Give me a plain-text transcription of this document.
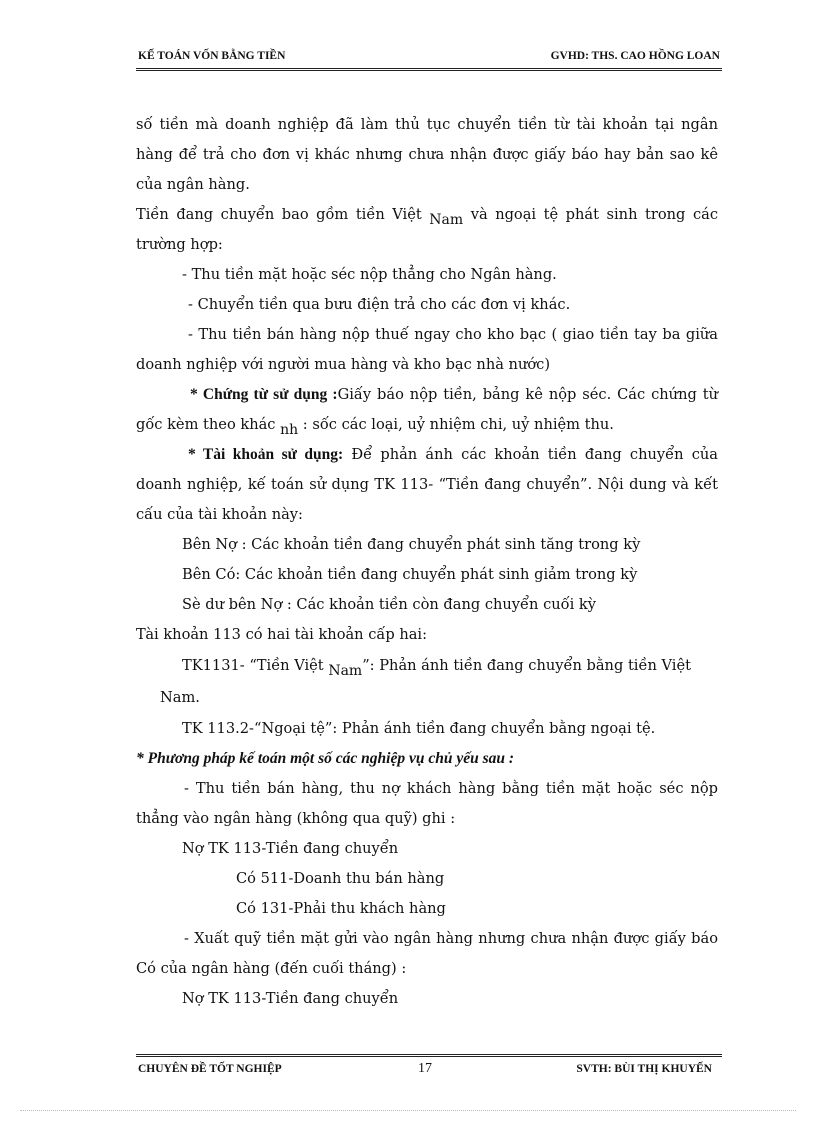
KẾ TOÁN VỐN BẰNG TIỀN	GVHD: THS. CAO HỒNG LOAN

số tiền mà doanh nghiệp đã làm thủ tục chuyển tiền từ tài khoản tại ngân hàng để trả cho đơn vị khác nhưng chưa nhận được giấy báo hay bản sao kê của ngân hàng.

Tiền đang chuyển bao gồm tiền Việt Nam và ngoại tệ phát sinh trong các trường hợp:

- Thu tiền mặt hoặc séc nộp thẳng cho Ngân hàng.

- Chuyển tiền qua bưu điện trả cho các đơn vị khác.

- Thu tiền bán hàng nộp thuế ngay cho kho bạc ( giao tiền tay ba giữa doanh nghiệp với người mua hàng và kho bạc nhà nước)

* Chứng từ sử dụng :Giấy báo nộp tiền, bảng kê nộp séc. Các chứng từ gốc kèm theo khác nh : sốc các loại, uỷ nhiệm chi, uỷ nhiệm thu.

* Tài khoản sử dụng: Để phản ánh các khoản tiền đang chuyển của doanh nghiệp, kế toán sử dụng TK 113- “Tiền đang chuyển”. Nội dung và kết cấu của tài khoản này:

Bên Nợ : Các khoản tiền đang chuyển phát sinh tăng trong kỳ

Bên Có: Các khoản tiền đang chuyển phát sinh giảm trong kỳ

Sè dư bên Nợ : Các khoản tiền còn đang chuyển cuối kỳ

Tài khoản 113 có hai tài khoản cấp hai:

TK1131- “Tiền Việt Nam”: Phản ánh tiền đang chuyển bằng tiền Việt

Nam.

TK 113.2-“Ngoại tệ”: Phản ánh tiền đang chuyển bằng ngoại tệ.

* Phương pháp kế toán một số các nghiệp vụ chủ yếu sau :

- Thu tiền bán hàng, thu nợ khách hàng bằng tiền mặt hoặc séc nộp thẳng vào ngân hàng (không qua quỹ) ghi :

Nợ TK 113-Tiền đang chuyển

Có 511-Doanh thu bán hàng

Có 131-Phải thu khách hàng

- Xuất quỹ tiền mặt gửi vào ngân hàng nhưng chưa nhận được giấy báo Có của ngân hàng (đến cuối tháng) :

Nợ TK 113-Tiền đang chuyển

CHUYÊN ĐỀ TỐT NGHIỆP	17	SVTH: BÙI THỊ KHUYẾN
